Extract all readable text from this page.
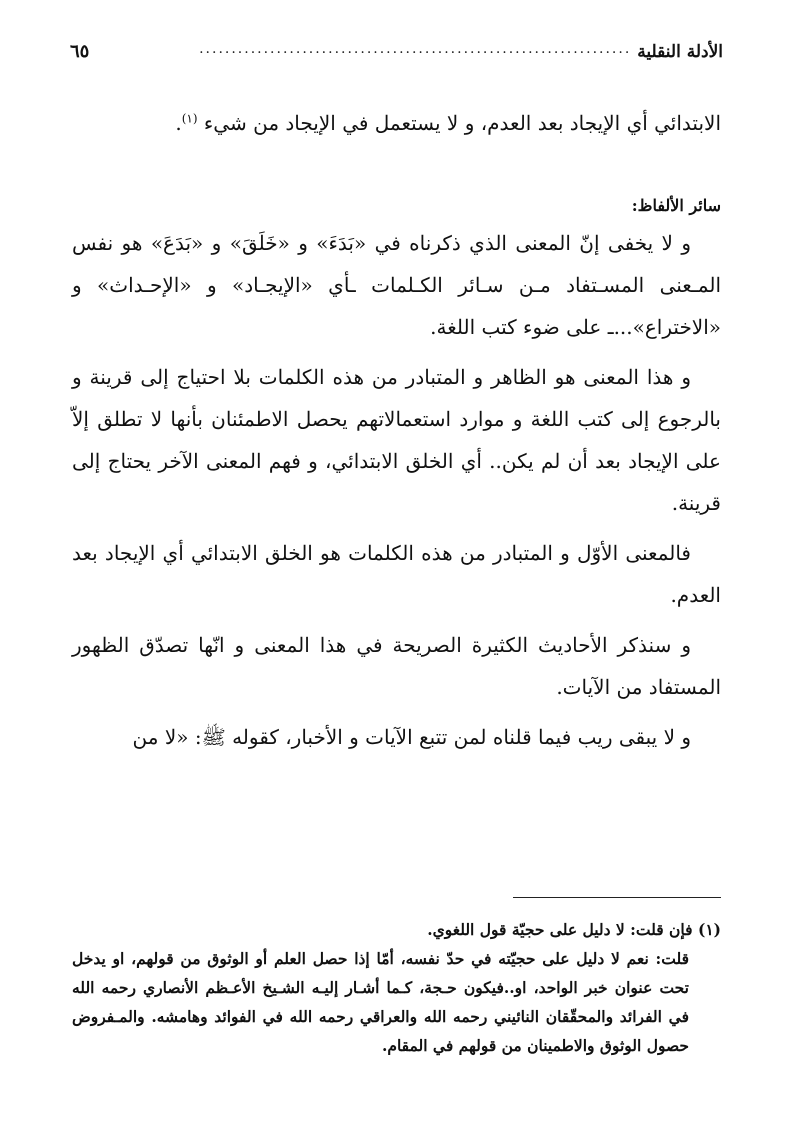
الأدلة النقلية
...................................................................
٦٥

الابتدائي أي الإيجاد بعد العدم، و لا يستعمل في الإيجاد من شيء $^{(١)}$.

سائر الألفاظ:

و لا يخفى إنّ المعنى الذي ذكرناه في «بَدَءَ» و «خَلَقَ» و «بَدَعَ» هو نفس المـعنى المسـتفاد مـن سـائر الكـلمات ـأي «الإيجـاد» و «الإحـداث» و «الاختراع»...ـ على ضوء كتب اللغة.

و هذا المعنى هو الظاهر و المتبادر من هذه الكلمات بلا احتياج إلى قرينة و بالرجوع إلى كتب اللغة و موارد استعمالاتهم يحصل الاطمئنان بأنها لا تطلق إلاّ على الإيجاد بعد أن لم يكن.. أي الخلق الابتدائي، و فهم المعنى الآخر يحتاج إلى قرينة.

فالمعنى الأوّل و المتبادر من هذه الكلمات هو الخلق الابتدائي أي الإيجاد بعد العدم.

و سنذكر الأحاديث الكثيرة الصريحة في هذا المعنى و انّها تصدّق الظهور المستفاد من الآيات.

و لا يبقى ريب فيما قلناه لمن تتبع الآيات و الأخبار، كقوله ﷺ: «لا من

(١) فإن قلت: لا دليل على حجيّة قول اللغوي.

قلت: نعم لا دليل على حجيّته في حدّ نفسه، أمّا إذا حصل العلم أو الوثوق من قولهم، او يدخل تحت عنوان خبر الواحد، او..فيكون حـجة، كـما أشـار إليـه الشـيخ الأعـظم الأنصاري رحمه الله في الفرائد والمحقّقان النائيني رحمه الله والعراقي رحمه الله في الفوائد وهامشه. والمـفروض حصول الوثوق والاطمينان من قولهم في المقام.
